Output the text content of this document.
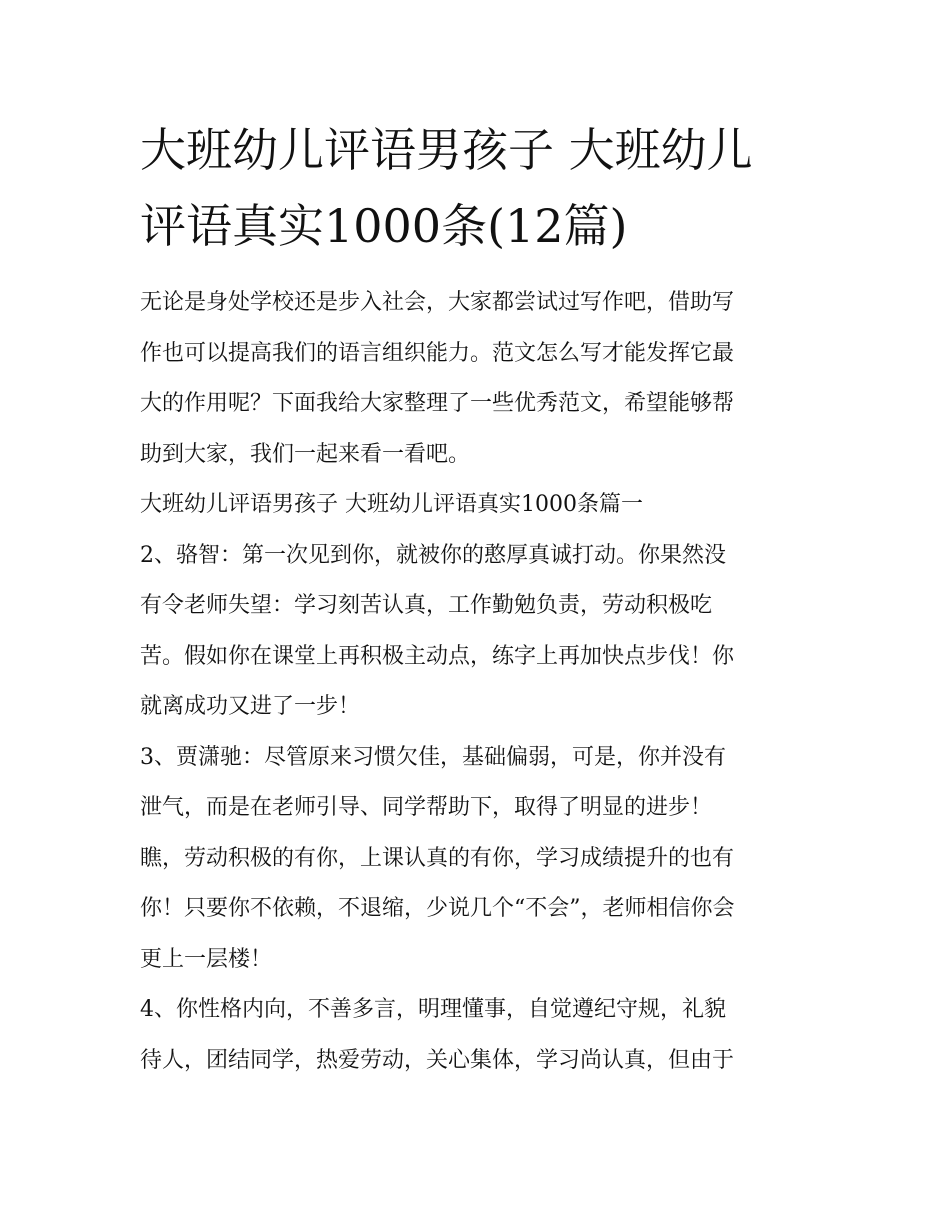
大班幼儿评语男孩子 大班幼儿
评语真实1000条(12篇)

无论是身处学校还是步入社会，大家都尝试过写作吧，借助写
作也可以提高我们的语言组织能力。范文怎么写才能发挥它最
大的作用呢？下面我给大家整理了一些优秀范文，希望能够帮
助到大家，我们一起来看一看吧。

大班幼儿评语男孩子 大班幼儿评语真实1000条篇一

2、骆智：第一次见到你，就被你的憨厚真诚打动。你果然没
有令老师失望：学习刻苦认真，工作勤勉负责，劳动积极吃
苦。假如你在课堂上再积极主动点，练字上再加快点步伐！你
就离成功又进了一步！

3、贾潇驰：尽管原来习惯欠佳，基础偏弱，可是，你并没有
泄气，而是在老师引导、同学帮助下，取得了明显的进步！
瞧，劳动积极的有你，上课认真的有你，学习成绩提升的也有
你！只要你不依赖，不退缩，少说几个“不会”，老师相信你会
更上一层楼！

4、你性格内向，不善多言，明理懂事，自觉遵纪守规，礼貌
待人，团结同学，热爱劳动，关心集体，学习尚认真，但由于
